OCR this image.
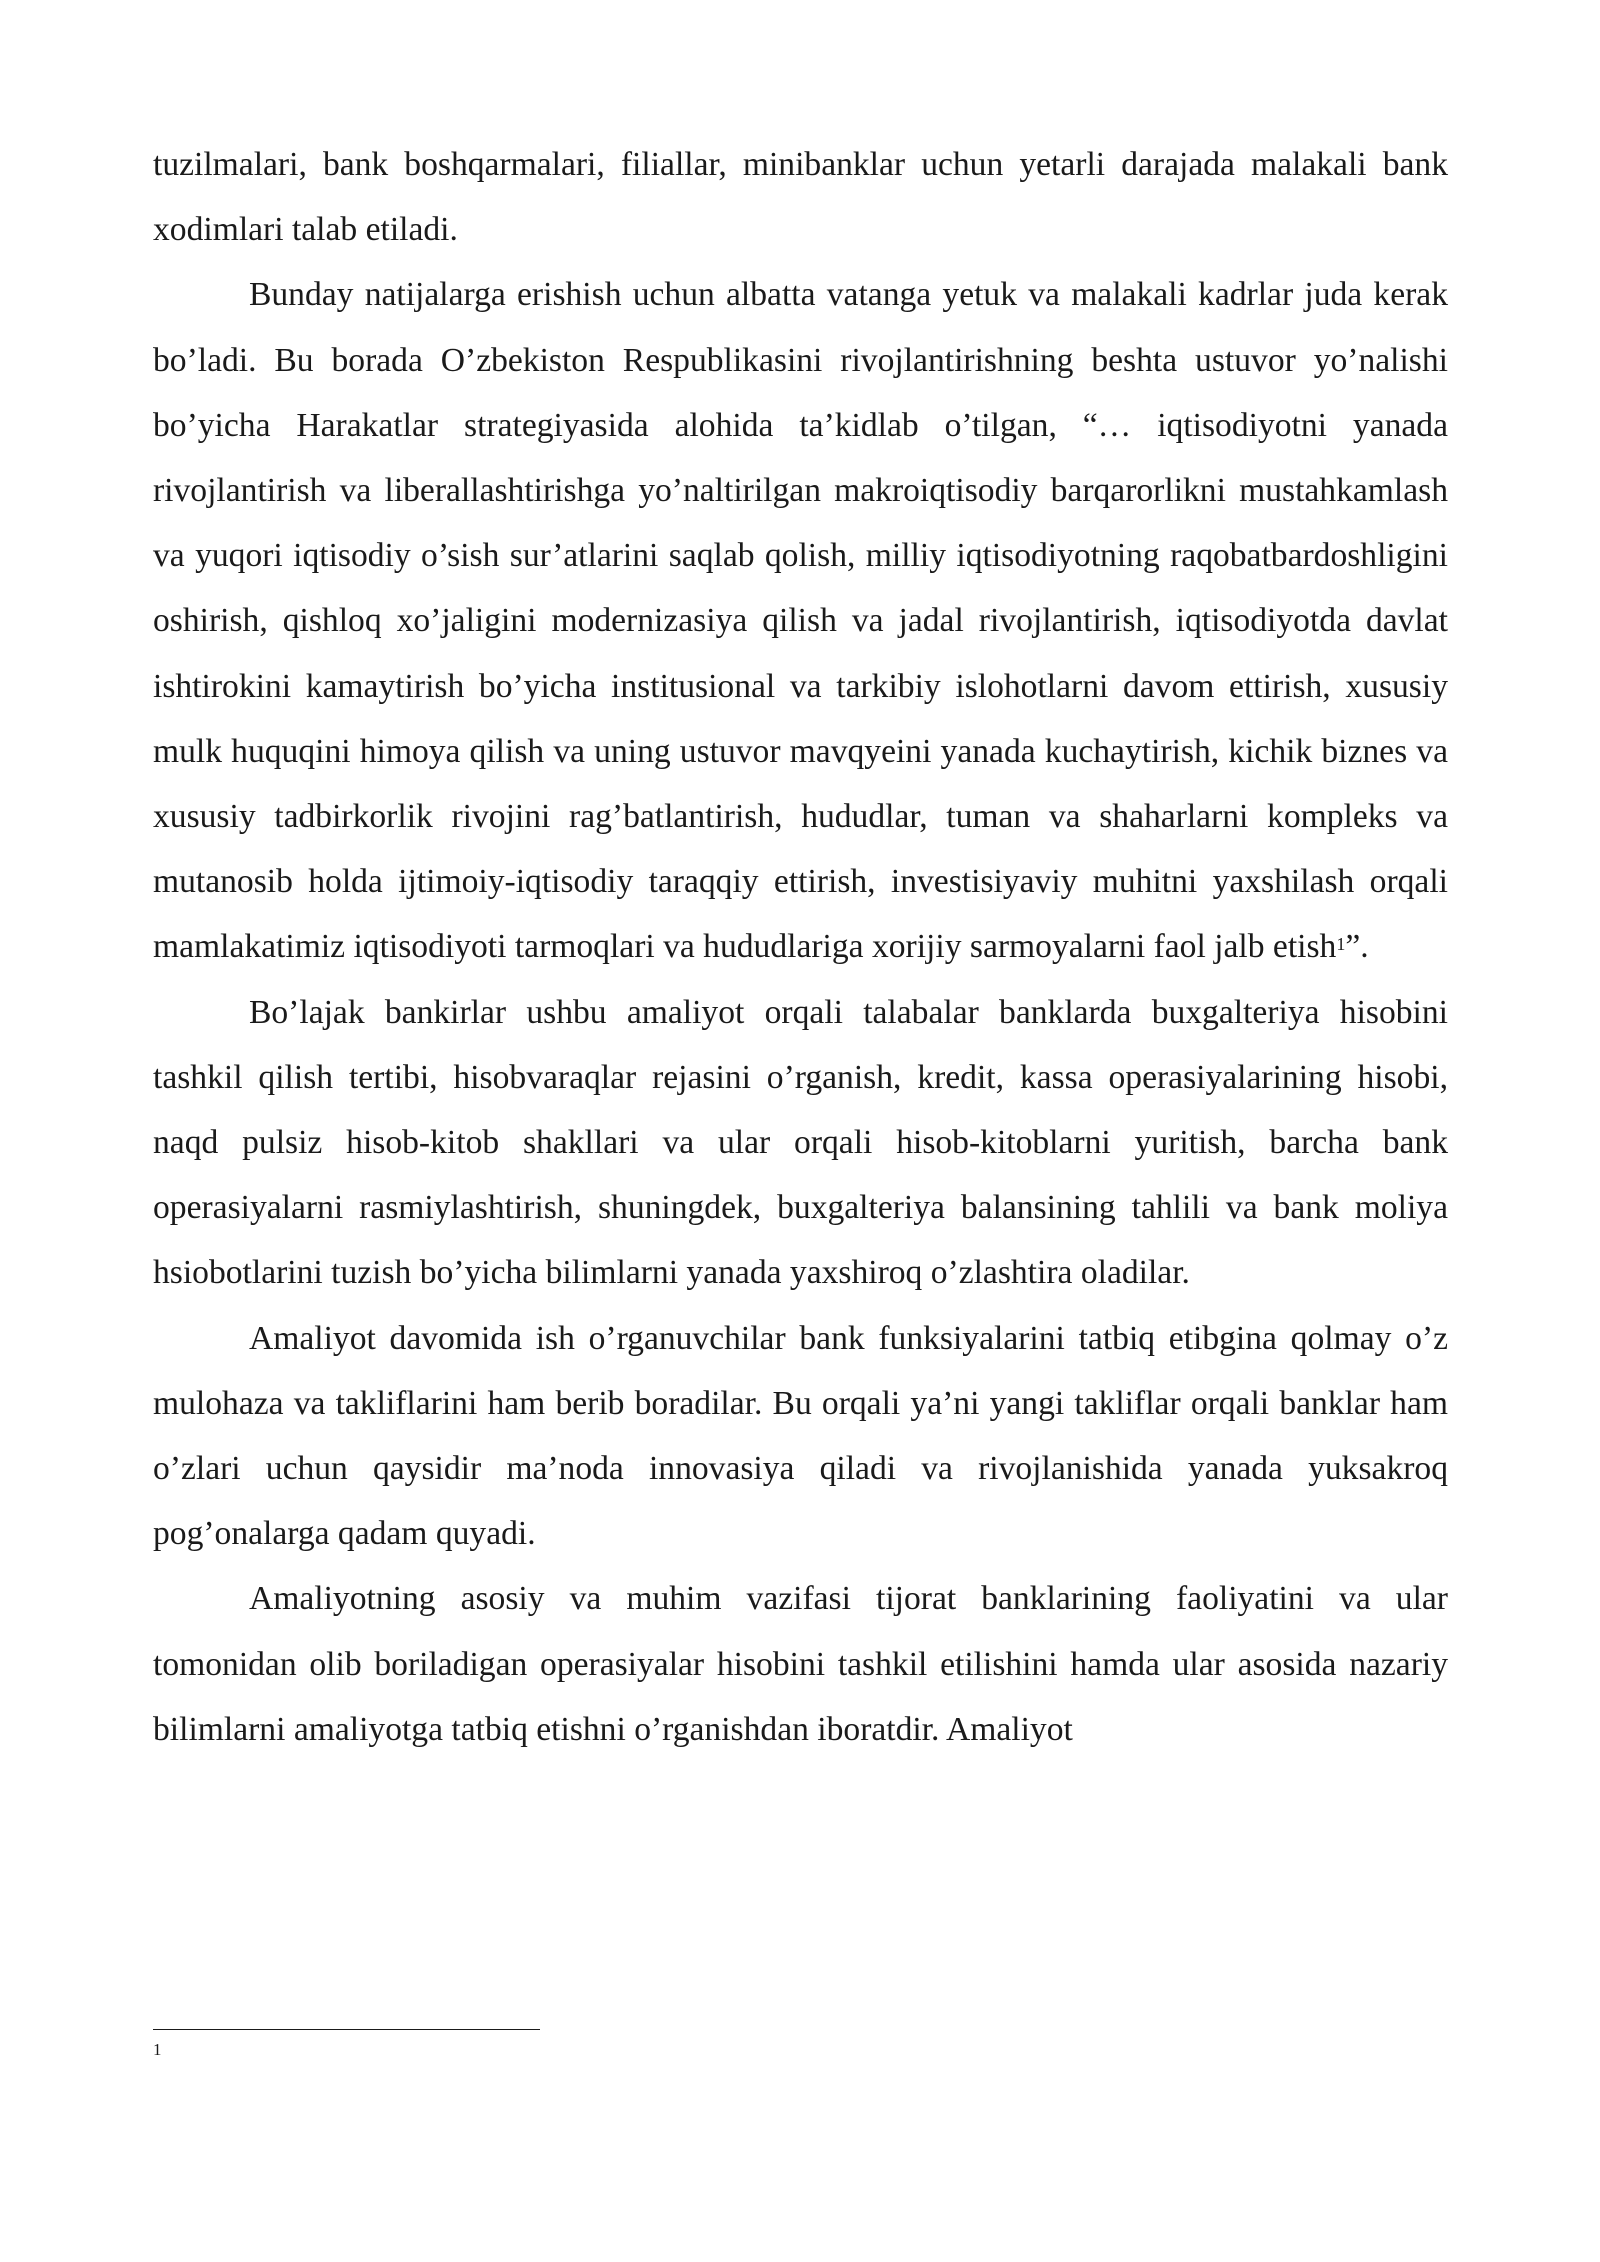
tuzilmalari, bank boshqarmalari, filiallar, minibanklar uchun yetarli darajada malakali bank xodimlari talab etiladi.

Bunday natijalarga erishish uchun albatta vatanga yetuk va malakali kadrlar juda kerak bo’ladi. Bu borada O’zbekiston Respublikasini rivojlantirishning beshta ustuvor yo’nalishi bo’yicha Harakatlar strategiyasida alohida ta’kidlab o’tilgan, “… iqtisodiyotni yanada rivojlantirish va liberallashtirishga yo’naltirilgan makroiqtisodiy barqarorlikni mustahkamlash va yuqori iqtisodiy o’sish sur’atlarini saqlab qolish, milliy iqtisodiyotning raqobatbardoshligini oshirish, qishloq xo’jaligini modernizasiya qilish va jadal rivojlantirish, iqtisodiyotda davlat ishtirokini kamaytirish bo’yicha institusional va tarkibiy islohotlarni davom ettirish, xususiy mulk huquqini himoya qilish va uning ustuvor mavqyeini yanada kuchaytirish, kichik biznes va xususiy tadbirkorlik rivojini rag’batlantirish, hududlar, tuman va shaharlarni kompleks va mutanosib holda ijtimoiy-iqtisodiy taraqqiy ettirish, investisiyaviy muhitni yaxshilash orqali mamlakatimiz iqtisodiyoti tarmoqlari va hududlariga xorijiy sarmoyalarni faol jalb etish$^1$”.

Bo’lajak bankirlar ushbu amaliyot orqali talabalar banklarda buxgalteriya hisobini tashkil qilish tertibi, hisobvaraqlar rejasini o’rganish, kredit, kassa operasiyalarining hisobi, naqd pulsiz hisob-kitob shakllari va ular orqali hisob-kitoblarni yuritish, barcha bank operasiyalarni rasmiylashtirish, shuningdek, buxgalteriya balansining tahlili va bank moliya hsiobotlarini tuzish bo’yicha bilimlarni yanada yaxshiroq o’zlashtira oladilar.

Amaliyot davomida ish o’rganuvchilar bank funksiyalarini tatbiq etibgina qolmay o’z mulohaza va takliflarini ham berib boradilar. Bu orqali ya’ni yangi takliflar orqali banklar ham o’zlari uchun qaysidir ma’noda innovasiya qiladi va rivojlanishida yanada yuksakroq pog’onalarga qadam quyadi.

Amaliyotning asosiy va muhim vazifasi tijorat banklarining faoliyatini va ular tomonidan olib boriladigan operasiyalar hisobini tashkil etilishini hamda ular asosida nazariy bilimlarni amaliyotga tatbiq etishni o’rganishdan iboratdir. Amaliyot

1
